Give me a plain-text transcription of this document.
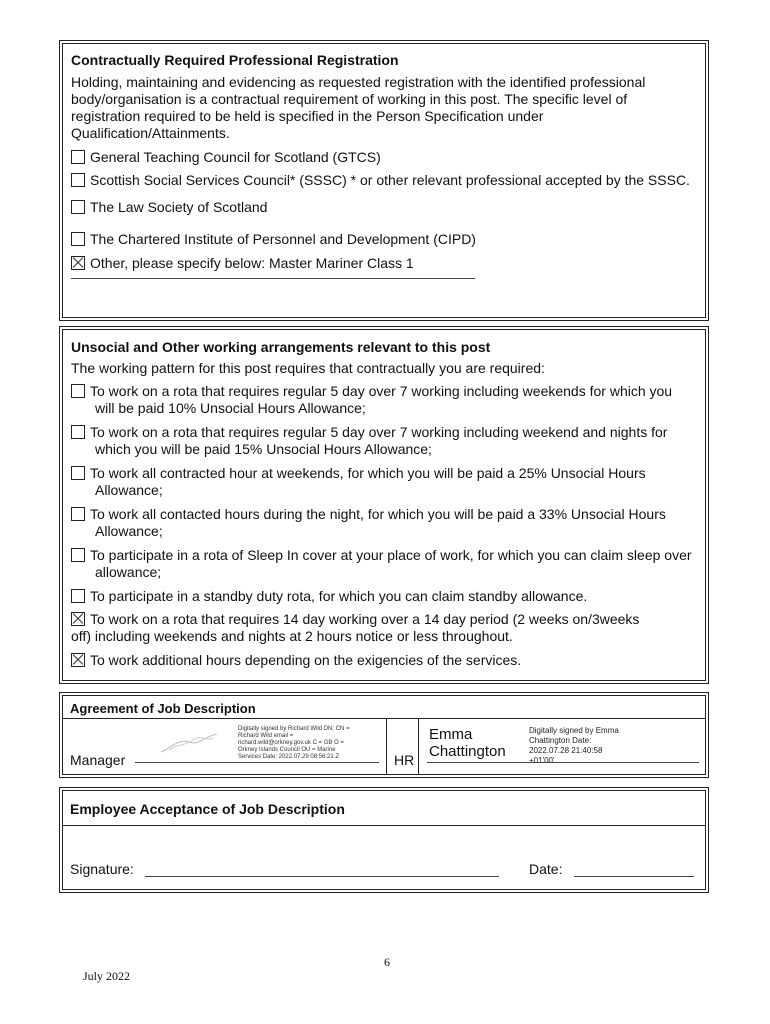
Contractually Required Professional Registration

Holding, maintaining and evidencing as requested registration with the identified professional body/organisation is a contractual requirement of working in this post. The specific level of registration required to be held is specified in the Person Specification under Qualification/Attainments.

General Teaching Council for Scotland (GTCS)
Scottish Social Services Council* (SSSC) * or other relevant professional accepted by the SSSC.
The Law Society of Scotland
The Chartered Institute of Personnel and Development (CIPD)
Other, please specify below: Master Mariner Class 1

Unsocial and Other working arrangements relevant to this post

The working pattern for this post requires that contractually you are required:

To work on a rota that requires regular 5 day over 7 working including weekends for which you will be paid 10% Unsocial Hours Allowance;
To work on a rota that requires regular 5 day over 7 working including weekend and nights for which you will be paid 15% Unsocial Hours Allowance;
To work all contracted hour at weekends, for which you will be paid a 25% Unsocial Hours Allowance;
To work all contacted hours during the night, for which you will be paid a 33% Unsocial Hours Allowance;
To participate in a rota of Sleep In cover at your place of work, for which you can claim sleep over allowance;
To participate in a standby duty rota, for which you can claim standby allowance.
To work on a rota that requires 14 day working over a 14 day period (2 weeks on/3weeks off) including weekends and nights at 2 hours notice or less throughout.
To work additional hours depending on the exigencies of the services.
Agreement of Job Description
Manager
Digitally signed by Richard Wild DN: CN = Richard Wild email = richard.wild@orkney.gov.uk C = GB O = Orkney Islands Council OU = Marine Services Date: 2022.07.29 08:56:21 Z	HR
Emma Chattington
Digitally signed by Emma Chattington Date: 2022.07.28 21:40:58 +01'00'
Employee Acceptance of Job Description
Signature:	Date:
6
July 2022
